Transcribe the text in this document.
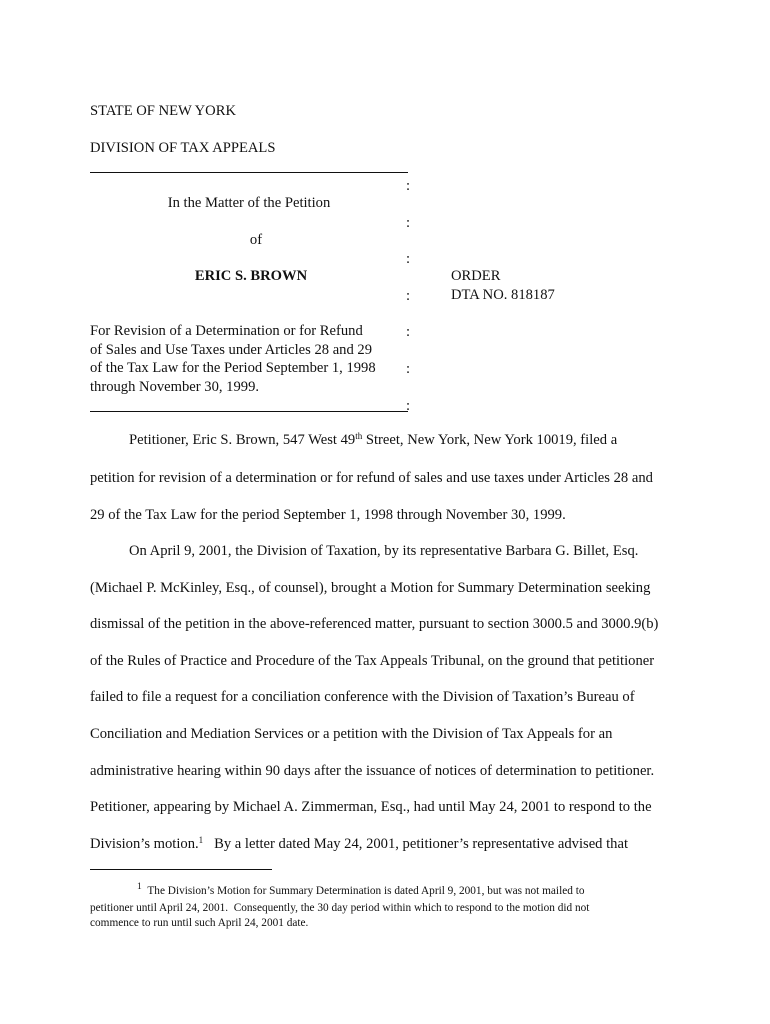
STATE OF NEW YORK
DIVISION OF TAX APPEALS
:
:
:
:
:
:
:
In the Matter of the Petition
of
ERIC S. BROWN
For Revision of a Determination or for Refund
of Sales and Use Taxes under Articles 28 and 29
of the Tax Law for the Period September 1, 1998
through November 30, 1999.
ORDER
DTA NO. 818187
Petitioner, Eric S. Brown, 547 West 49th Street, New York, New York 10019, filed a
petition for revision of a determination or for refund of sales and use taxes under Articles 28 and
29 of the Tax Law for the period September 1, 1998 through November 30, 1999.
On April 9, 2001, the Division of Taxation, by its representative Barbara G. Billet, Esq.
(Michael P. McKinley, Esq., of counsel), brought a Motion for Summary Determination seeking
dismissal of the petition in the above-referenced matter, pursuant to section 3000.5 and 3000.9(b)
of the Rules of Practice and Procedure of the Tax Appeals Tribunal, on the ground that petitioner
failed to file a request for a conciliation conference with the Division of Taxation’s Bureau of
Conciliation and Mediation Services or a petition with the Division of Tax Appeals for an
administrative hearing within 90 days after the issuance of notices of determination to petitioner.
Petitioner, appearing by Michael A. Zimmerman, Esq., had until May 24, 2001 to respond to the
Division’s motion.$^1$   By a letter dated May 24, 2001, petitioner’s representative advised that
$^1$ The Division’s Motion for Summary Determination is dated April 9, 2001, but was not mailed to
petitioner until April 24, 2001.  Consequently, the 30 day period within which to respond to the motion did not
commence to run until such April 24, 2001 date.
